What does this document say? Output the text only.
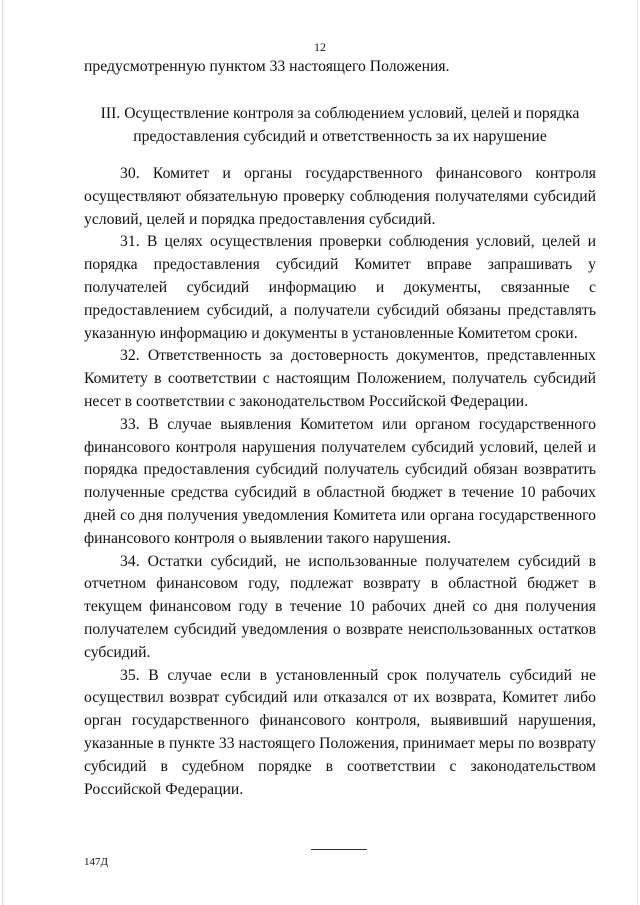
12

предусмотренную пунктом 33 настоящего Положения.

III. Осуществление контроля за соблюдением условий, целей и порядка
предоставления субсидий и ответственность за их нарушение

30. Комитет и органы государственного финансового контроля осуществляют обязательную проверку соблюдения получателями субсидий условий, целей и порядка предоставления субсидий.

31. В целях осуществления проверки соблюдения условий, целей и порядка предоставления субсидий Комитет вправе запрашивать у получателей субсидий информацию и документы, связанные с предоставлением субсидий, а получатели субсидий обязаны представлять указанную информацию и документы в установленные Комитетом сроки.

32. Ответственность за достоверность документов, представленных Комитету в соответствии с настоящим Положением, получатель субсидий несет в соответствии с законодательством Российской Федерации.

33. В случае выявления Комитетом или органом государственного финансового контроля нарушения получателем субсидий условий, целей и порядка предоставления субсидий получатель субсидий обязан возвратить полученные средства субсидий в областной бюджет в течение 10 рабочих дней со дня получения уведомления Комитета или органа государственного финансового контроля о выявлении такого нарушения.

34. Остатки субсидий, не использованные получателем субсидий в отчетном финансовом году, подлежат возврату в областной бюджет в текущем финансовом году в течение 10 рабочих дней со дня получения получателем субсидий уведомления о возврате неиспользованных остатков субсидий.

35. В случае если в установленный срок получатель субсидий не осуществил возврат субсидий или отказался от их возврата, Комитет либо орган государственного финансового контроля, выявивший нарушения, указанные в пункте 33 настоящего Положения, принимает меры по возврату субсидий в судебном порядке в соответствии с законодательством Российской Федерации.

147Д
